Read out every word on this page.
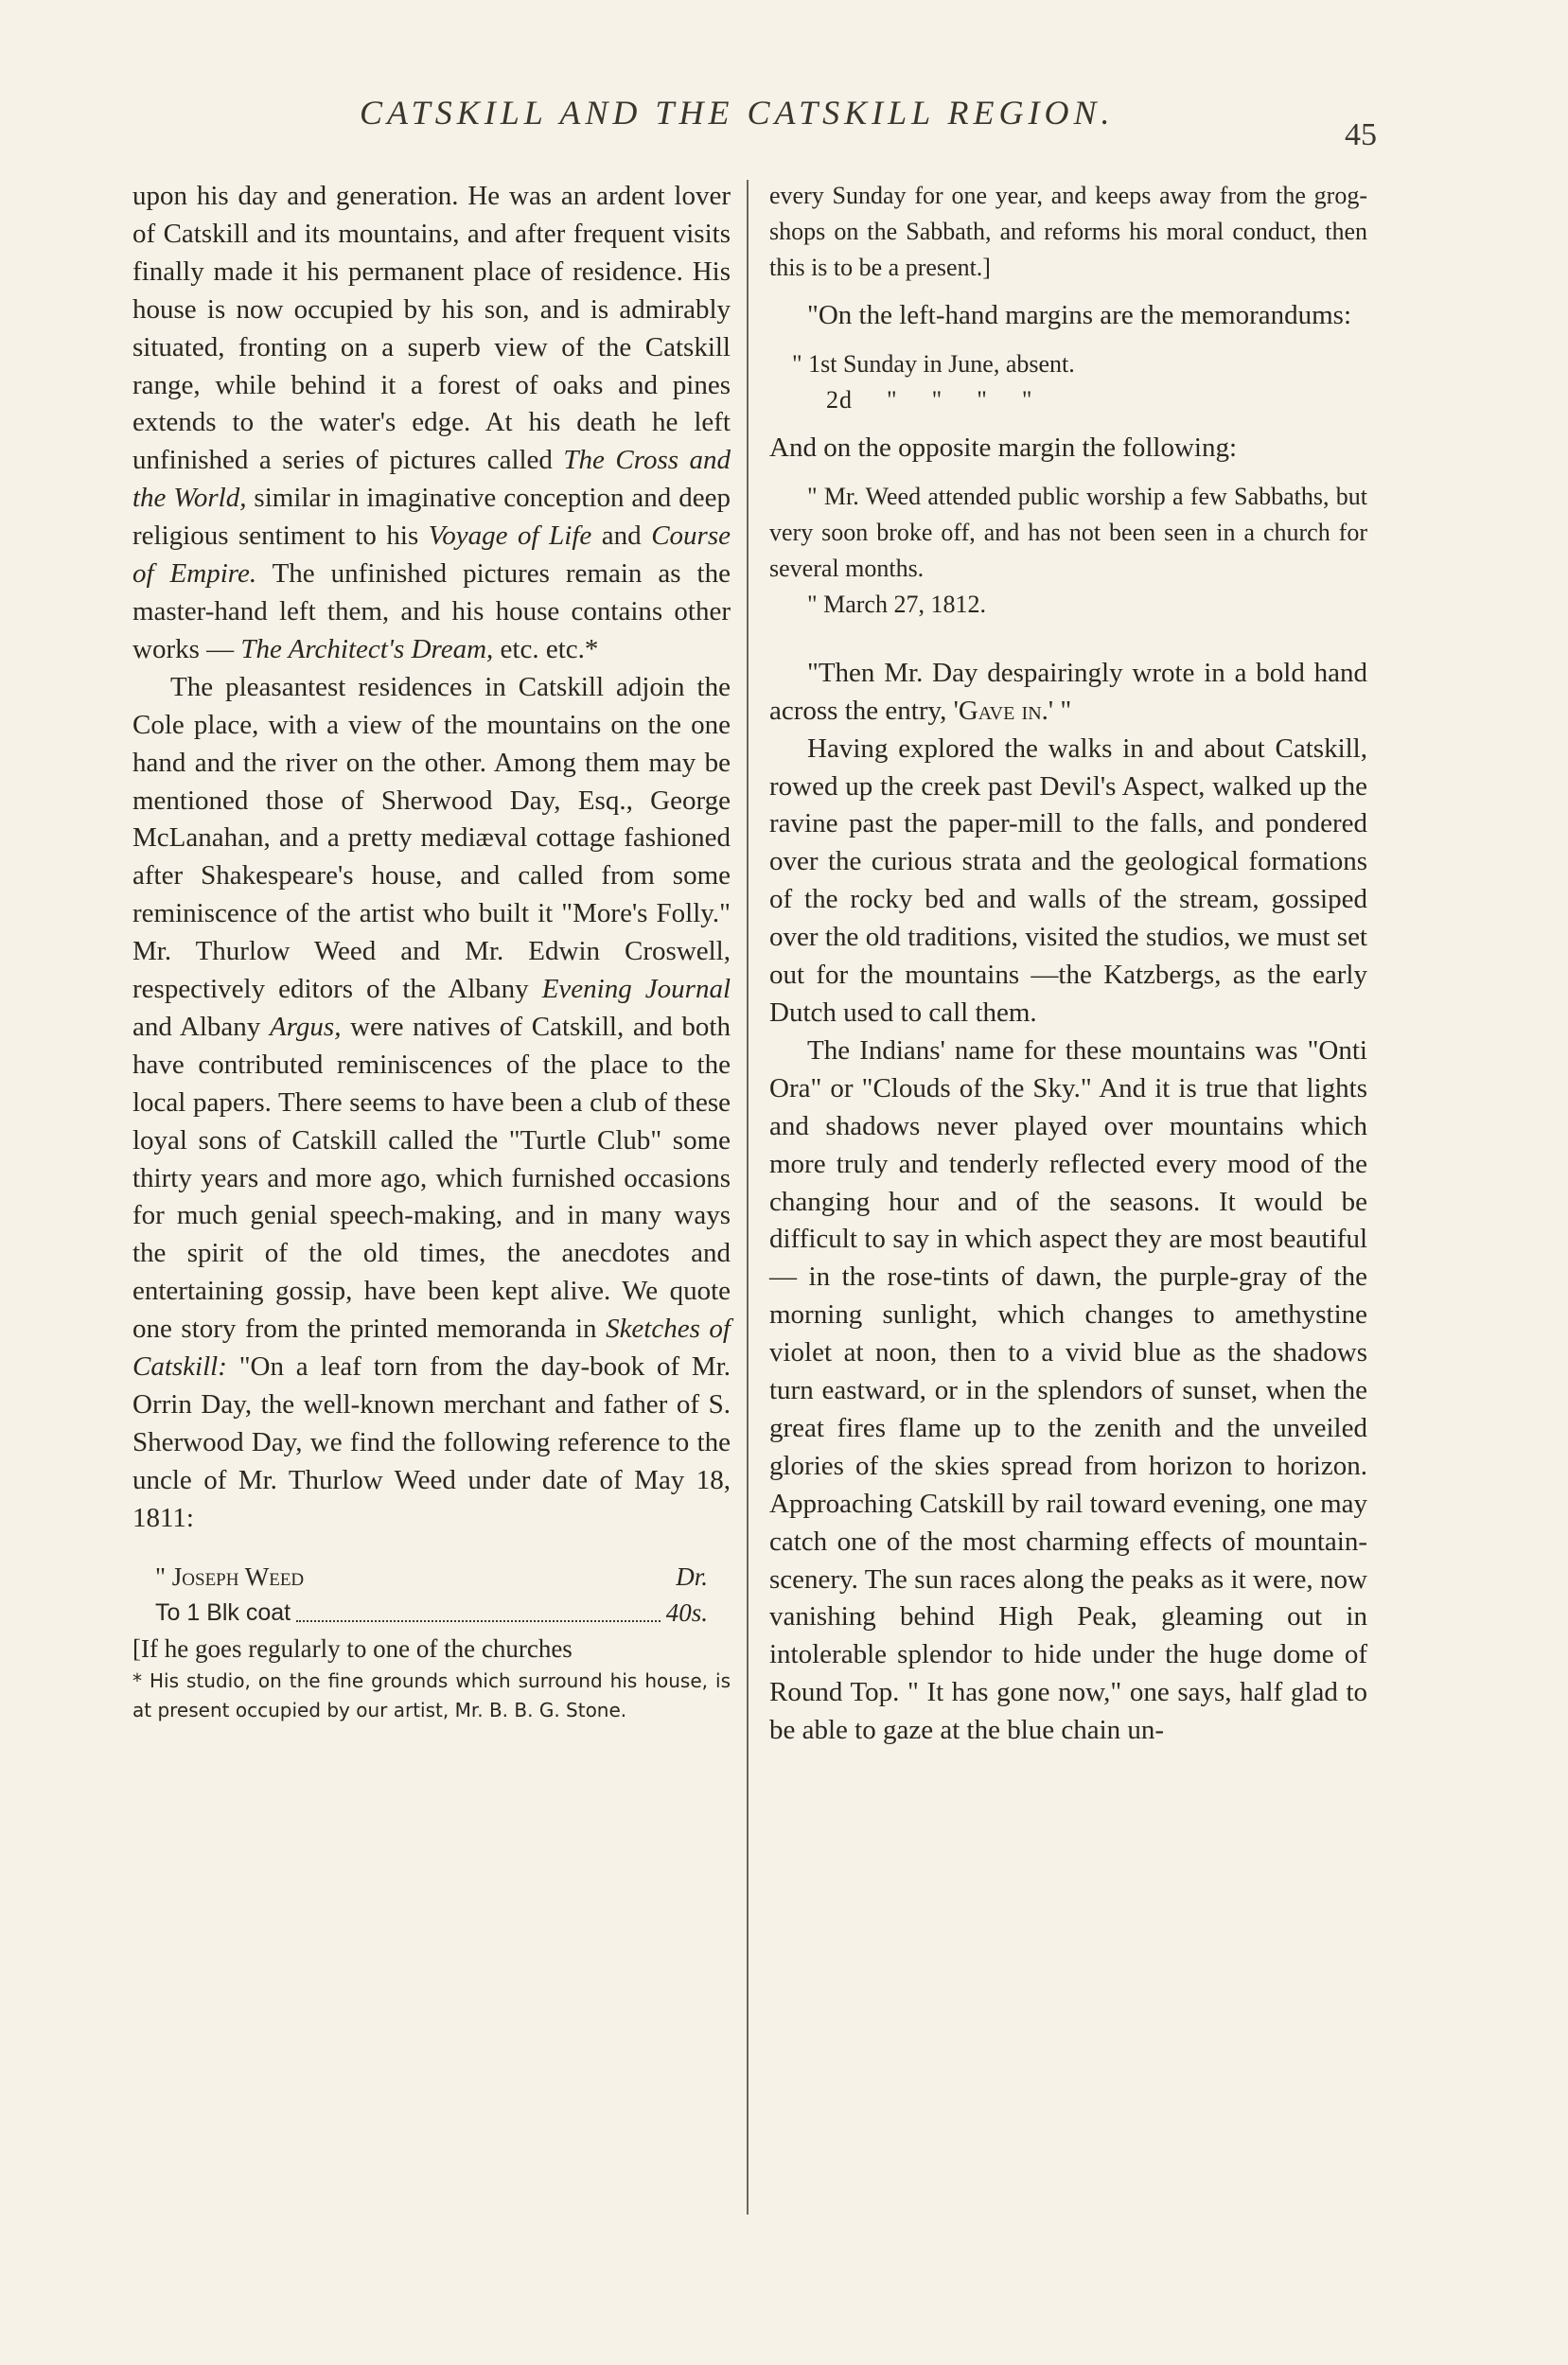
CATSKILL AND THE CATSKILL REGION.
45

upon his day and generation. He was an ardent lover of Catskill and its mountains, and after frequent visits finally made it his permanent place of residence. His house is now occupied by his son, and is admirably situated, fronting on a superb view of the Catskill range, while behind it a forest of oaks and pines extends to the water's edge. At his death he left unfinished a series of pictures called The Cross and the World, similar in imaginative conception and deep religious sentiment to his Voyage of Life and Course of Empire. The unfinished pictures remain as the master-hand left them, and his house contains other works — The Architect's Dream, etc. etc.*

The pleasantest residences in Catskill adjoin the Cole place, with a view of the mountains on the one hand and the river on the other. Among them may be mentioned those of Sherwood Day, Esq., George McLanahan, and a pretty mediæval cottage fashioned after Shakespeare's house, and called from some reminiscence of the artist who built it "More's Folly." Mr. Thurlow Weed and Mr. Edwin Croswell, respectively editors of the Albany Evening Journal and Albany Argus, were natives of Catskill, and both have contributed reminiscences of the place to the local papers. There seems to have been a club of these loyal sons of Catskill called the "Turtle Club" some thirty years and more ago, which furnished occasions for much genial speech-making, and in many ways the spirit of the old times, the anecdotes and entertaining gossip, have been kept alive. We quote one story from the printed memoranda in Sketches of Catskill: "On a leaf torn from the day-book of Mr. Orrin Day, the well-known merchant and father of S. Sherwood Day, we find the following reference to the uncle of Mr. Thurlow Weed under date of May 18, 1811:

" Joseph Weed	Dr.
To 1 Blk coat	40s.

[If he goes regularly to one of the churches

* His studio, on the fine grounds which surround his house, is at present occupied by our artist, Mr. B. B. G. Stone.

every Sunday for one year, and keeps away from the grog-shops on the Sabbath, and reforms his moral conduct, then this is to be a present.]

"On the left-hand margins are the memorandums:

" 1st Sunday in June, absent.

2d " " " "

And on the opposite margin the following:

" Mr. Weed attended public worship a few Sabbaths, but very soon broke off, and has not been seen in a church for several months.

" March 27, 1812.

"Then Mr. Day despairingly wrote in a bold hand across the entry, 'Gave in.' "

Having explored the walks in and about Catskill, rowed up the creek past Devil's Aspect, walked up the ravine past the paper-mill to the falls, and pondered over the curious strata and the geological formations of the rocky bed and walls of the stream, gossiped over the old traditions, visited the studios, we must set out for the mountains —the Katzbergs, as the early Dutch used to call them.

The Indians' name for these mountains was "Onti Ora" or "Clouds of the Sky." And it is true that lights and shadows never played over mountains which more truly and tenderly reflected every mood of the changing hour and of the seasons. It would be difficult to say in which aspect they are most beautiful— in the rose-tints of dawn, the purple-gray of the morning sunlight, which changes to amethystine violet at noon, then to a vivid blue as the shadows turn eastward, or in the splendors of sunset, when the great fires flame up to the zenith and the unveiled glories of the skies spread from horizon to horizon. Approaching Catskill by rail toward evening, one may catch one of the most charming effects of mountain-scenery. The sun races along the peaks as it were, now vanishing behind High Peak, gleaming out in intolerable splendor to hide under the huge dome of Round Top. " It has gone now," one says, half glad to be able to gaze at the blue chain un-
